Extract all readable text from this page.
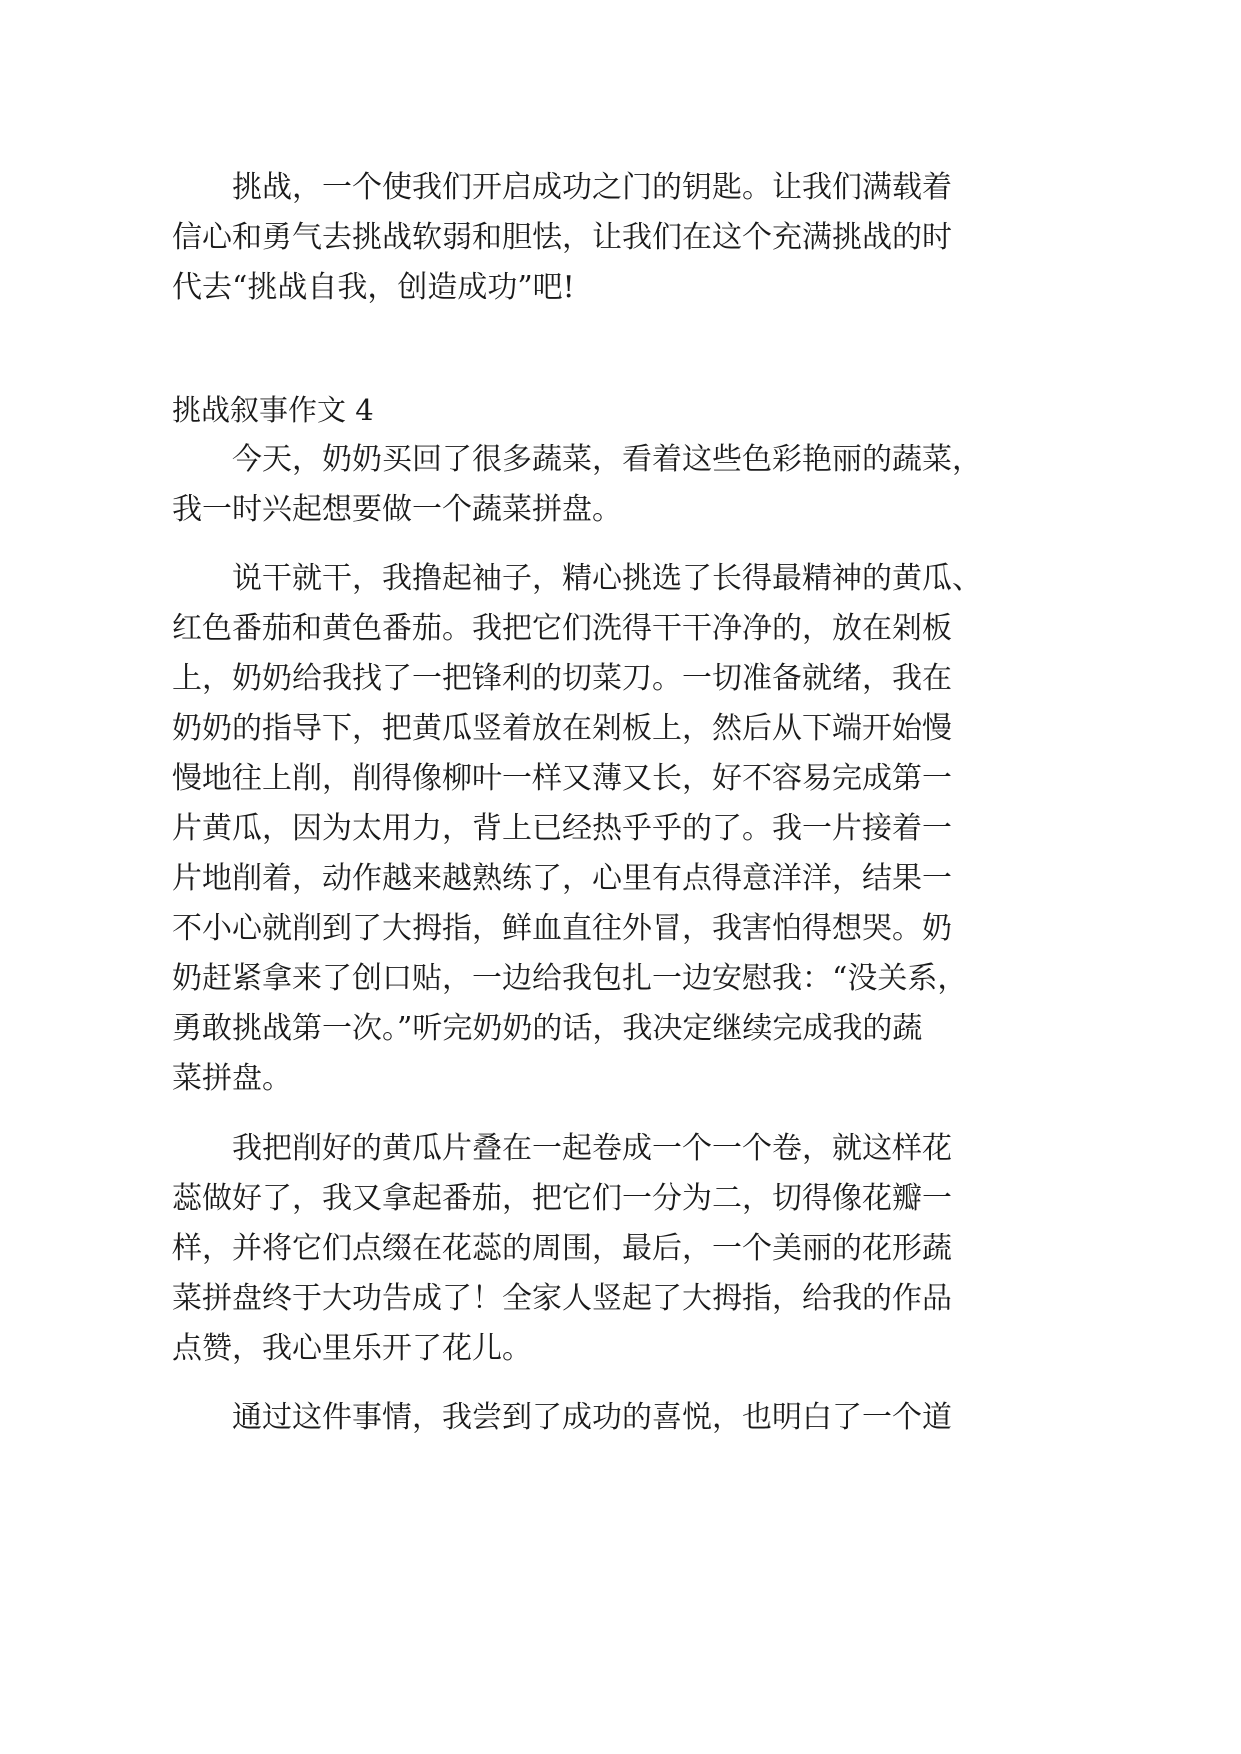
挑战，一个使我们开启成功之门的钥匙。让我们满载着
信心和勇气去挑战软弱和胆怯，让我们在这个充满挑战的时
代去“挑战自我，创造成功”吧!
挑战叙事作文 4
今天，奶奶买回了很多蔬菜，看着这些色彩艳丽的蔬菜，
我一时兴起想要做一个蔬菜拼盘。
说干就干，我撸起袖子，精心挑选了长得最精神的黄瓜、
红色番茄和黄色番茄。我把它们洗得干干净净的，放在剁板
上，奶奶给我找了一把锋利的切菜刀。一切准备就绪，我在
奶奶的指导下，把黄瓜竖着放在剁板上，然后从下端开始慢
慢地往上削，削得像柳叶一样又薄又长，好不容易完成第一
片黄瓜，因为太用力，背上已经热乎乎的了。我一片接着一
片地削着，动作越来越熟练了，心里有点得意洋洋，结果一
不小心就削到了大拇指，鲜血直往外冒，我害怕得想哭。奶
奶赶紧拿来了创口贴，一边给我包扎一边安慰我：“没关系，
勇敢挑战第一次。”听完奶奶的话，我决定继续完成我的蔬
菜拼盘。
我把削好的黄瓜片叠在一起卷成一个一个卷，就这样花
蕊做好了，我又拿起番茄，把它们一分为二，切得像花瓣一
样，并将它们点缀在花蕊的周围，最后，一个美丽的花形蔬
菜拼盘终于大功告成了！全家人竖起了大拇指，给我的作品
点赞，我心里乐开了花儿。
通过这件事情，我尝到了成功的喜悦，也明白了一个道
